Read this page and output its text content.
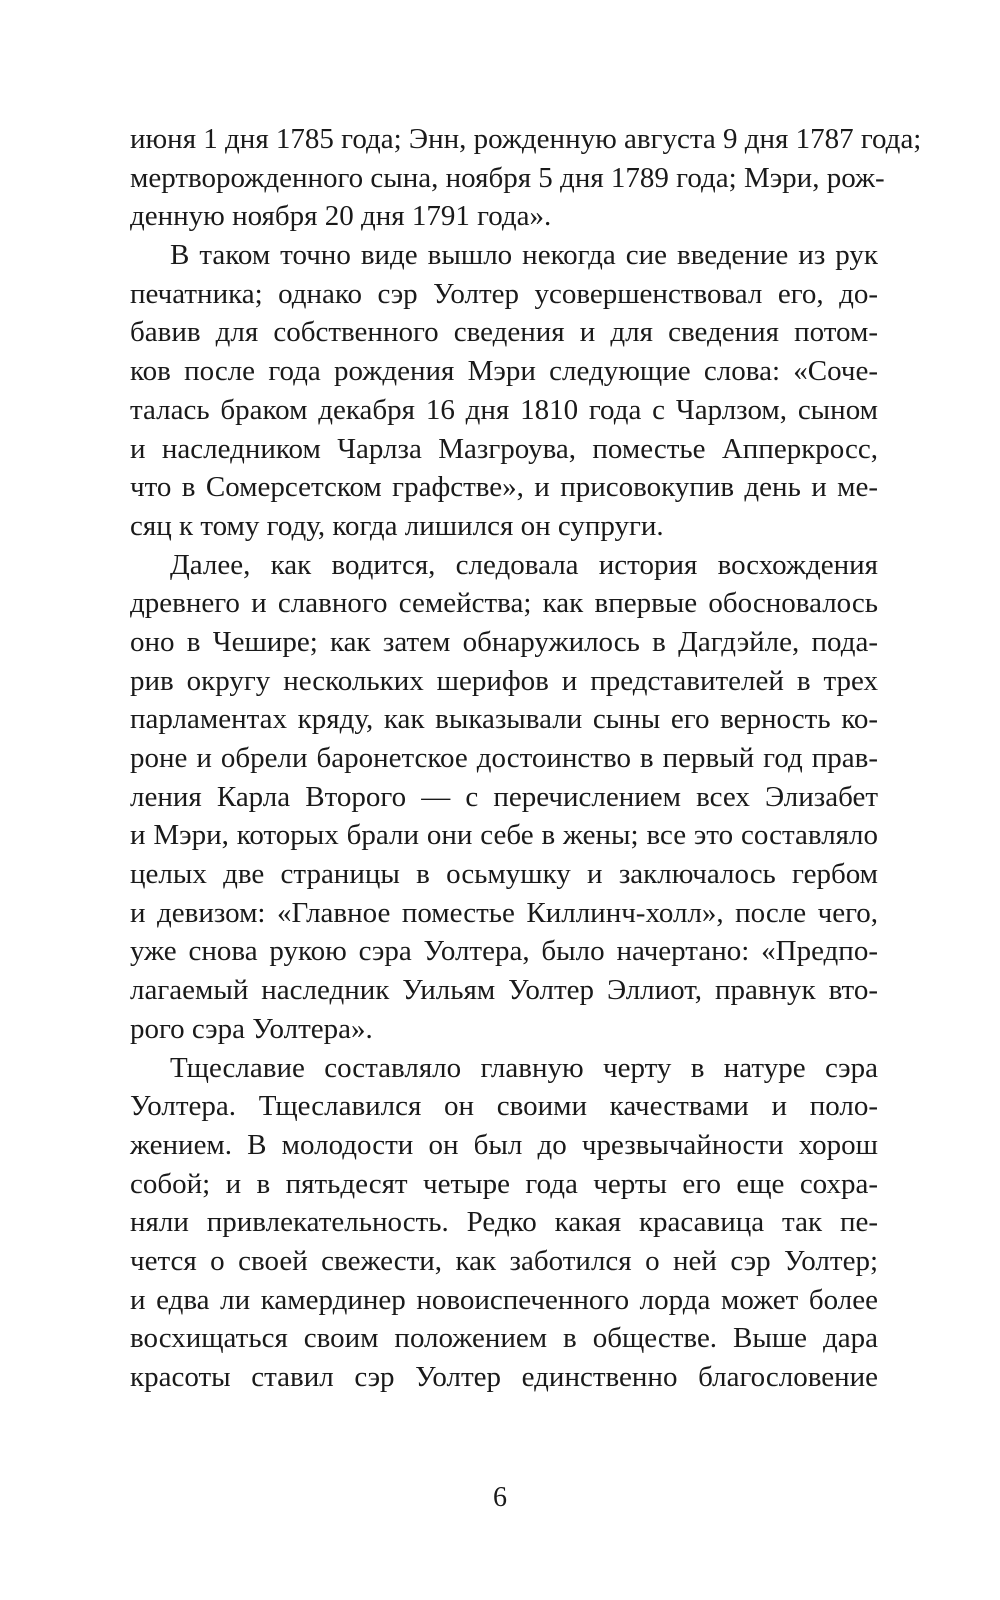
июня 1 дня 1785 года; Энн, рожденную августа 9 дня 1787 года;
мертворожденного сына, ноября 5 дня 1789 года; Мэри, рож-
денную ноября 20 дня 1791 года».
В таком точно виде вышло некогда сие введение из рук
печатника; однако сэр Уолтер усовершенствовал его, до-
бавив для собственного сведения и для сведения потом-
ков после года рождения Мэри следующие слова: «Соче-
талась браком декабря 16 дня 1810 года с Чарлзом, сыном
и наследником Чарлза Мазгроува, поместье Апперкросс,
что в Сомерсетском графстве», и присовокупив день и ме-
сяц к тому году, когда лишился он супруги.
Далее, как водится, следовала история восхождения
древнего и славного семейства; как впервые обосновалось
оно в Чешире; как затем обнаружилось в Дагдэйле, пода-
рив округу нескольких шерифов и представителей в трех
парламентах кряду, как выказывали сыны его верность ко-
роне и обрели баронетское достоинство в первый год прав-
ления Карла Второго — с перечислением всех Элизабет
и Мэри, которых брали они себе в жены; все это составляло
целых две страницы в осьмушку и заключалось гербом
и девизом: «Главное поместье Киллинч-холл», после чего,
уже снова рукою сэра Уолтера, было начертано: «Предпо-
лагаемый наследник Уильям Уолтер Эллиот, правнук вто-
рого сэра Уолтера».
Тщеславие составляло главную черту в натуре сэра
Уолтера. Тщеславился он своими качествами и поло-
жением. В молодости он был до чрезвычайности хорош
собой; и в пятьдесят четыре года черты его еще сохра-
няли привлекательность. Редко какая красавица так пе-
чется о своей свежести, как заботился о ней сэр Уолтер;
и едва ли камердинер новоиспеченного лорда может более
восхищаться своим положением в обществе. Выше дара
красоты ставил сэр Уолтер единственно благословение
6
